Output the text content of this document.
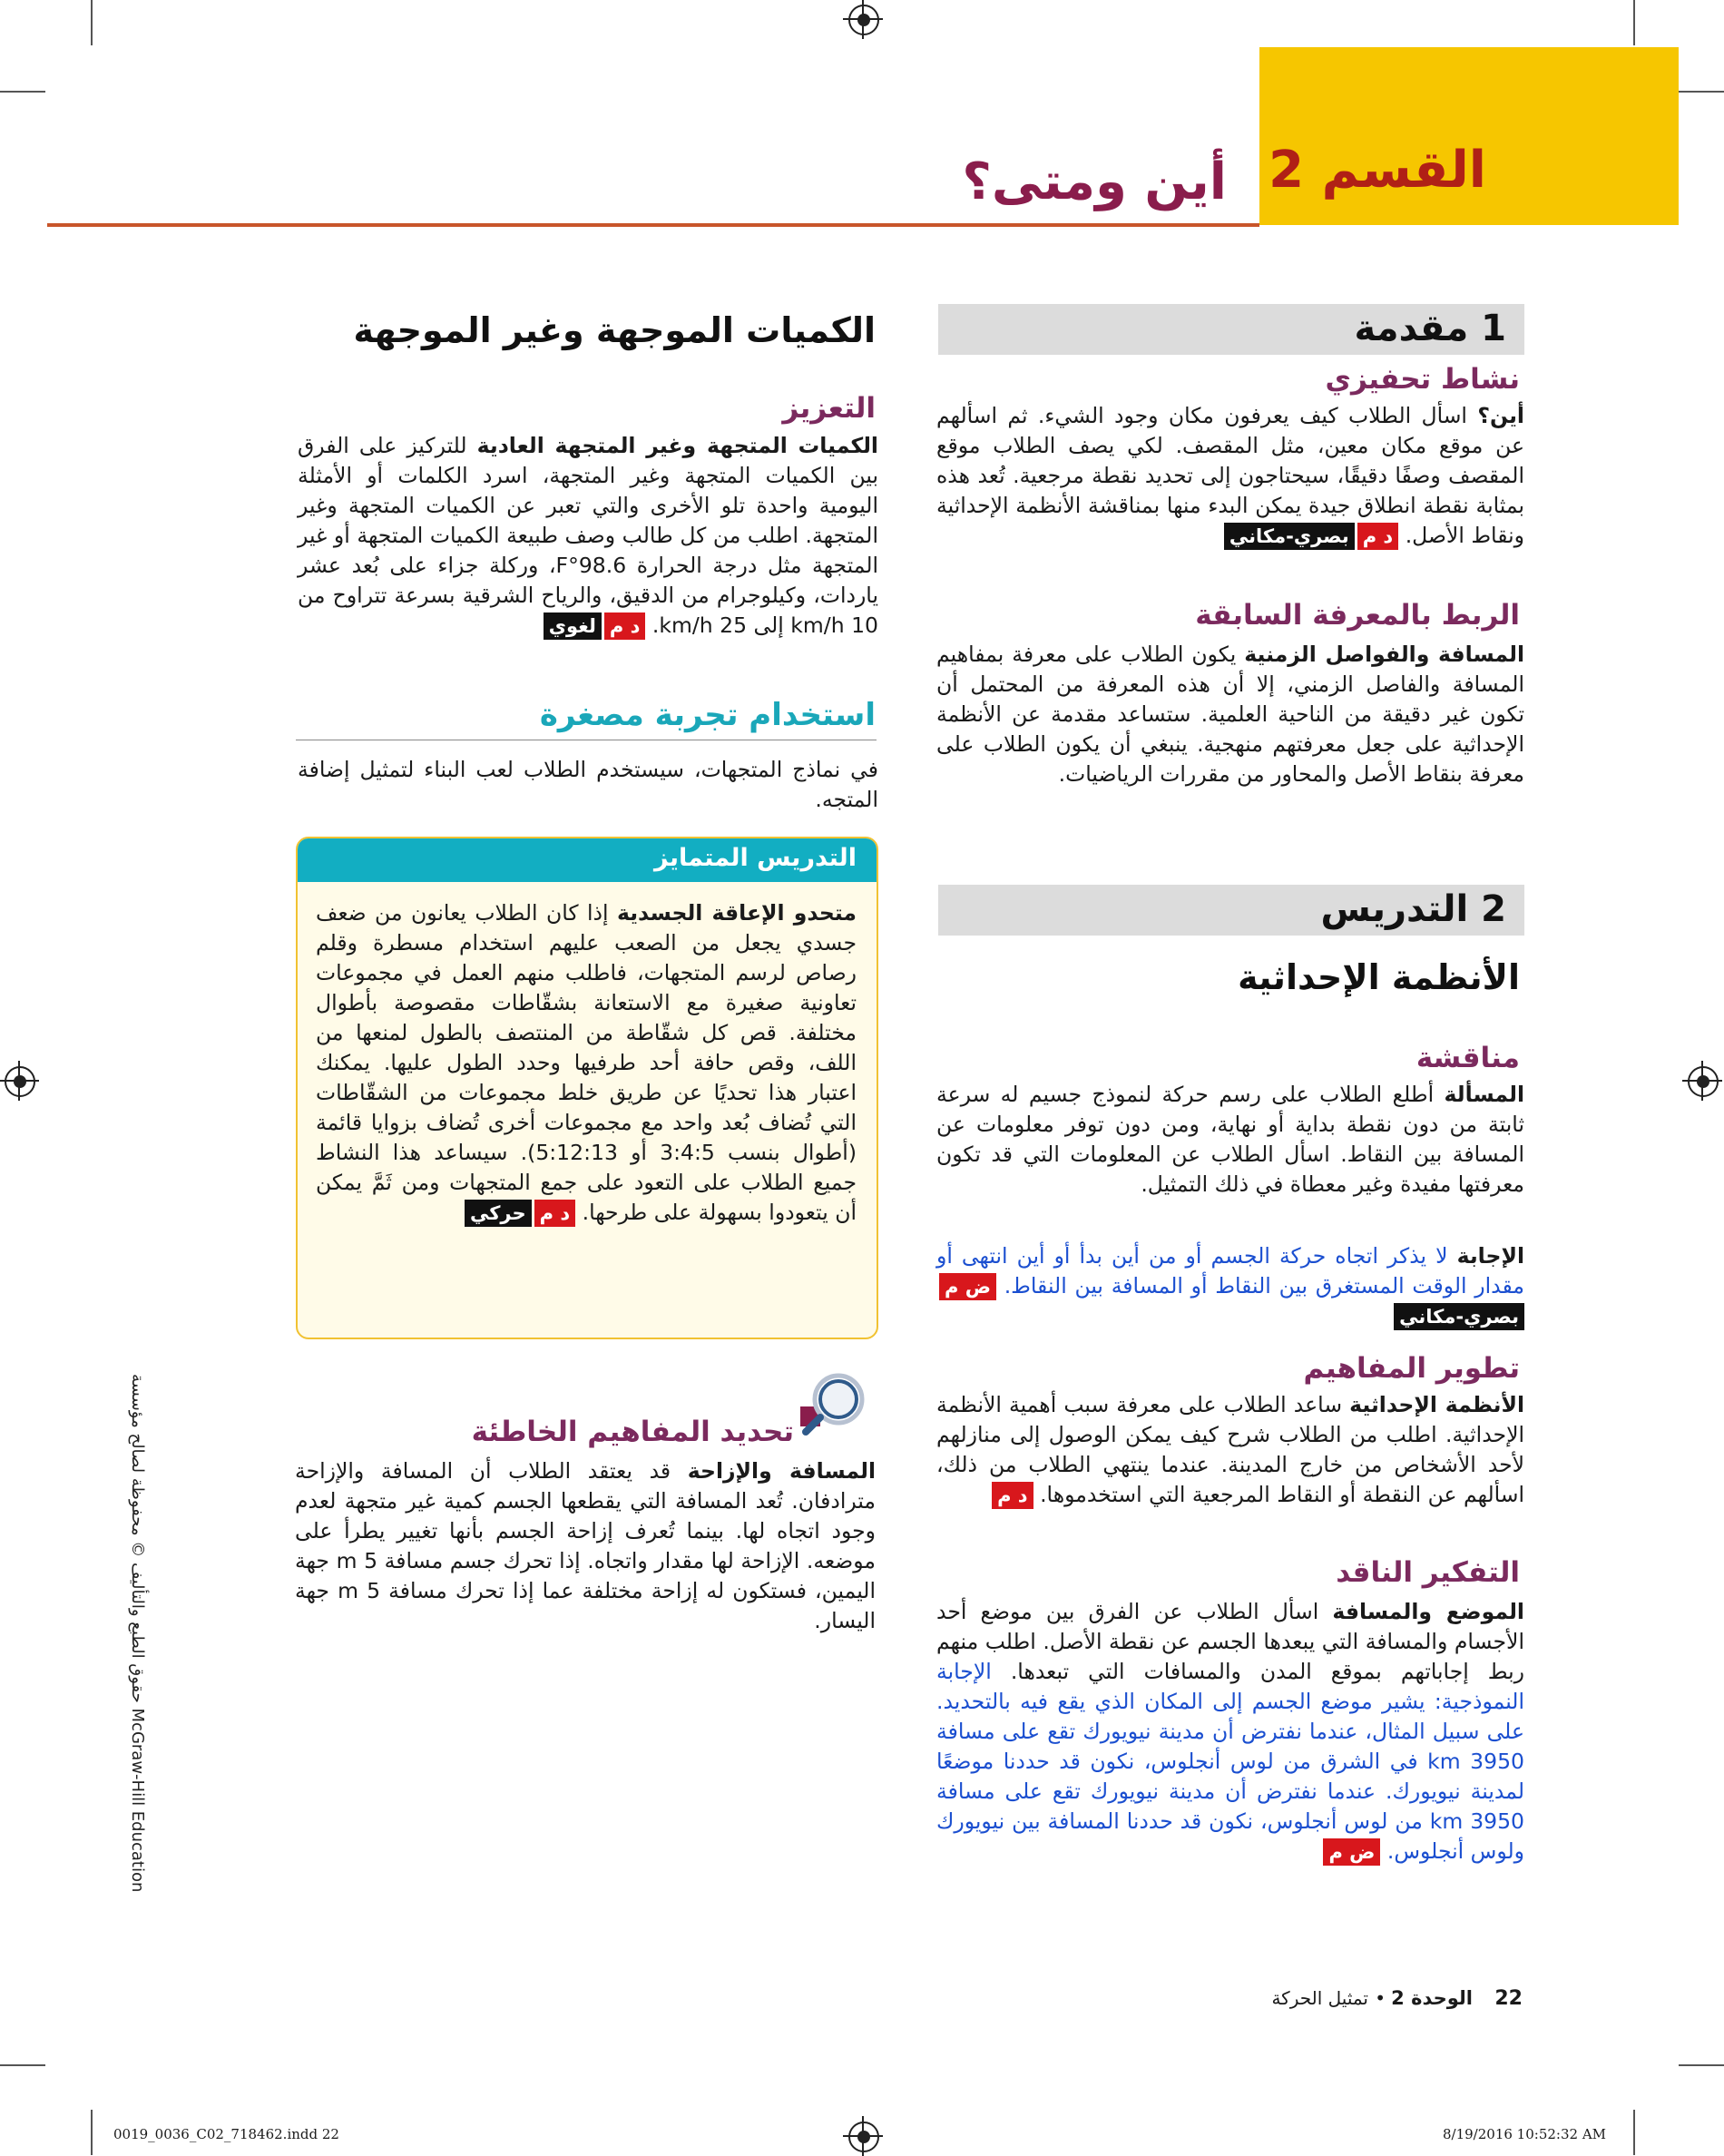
القسم 2
أين ومتى؟
1 مقدمة
نشاط تحفيزي
أين؟ اسأل الطلاب كيف يعرفون مكان وجود الشيء. ثم اسألهم عن موقع مكان معين، مثل المقصف. لكي يصف الطلاب موقع المقصف وصفًا دقيقًا، سيحتاجون إلى تحديد نقطة مرجعية. تُعد هذه بمثابة نقطة انطلاق جيدة يمكن البدء منها بمناقشة الأنظمة الإحداثية ونقاط الأصل. د مبصري-مكاني
الربط بالمعرفة السابقة
المسافة والفواصل الزمنية يكون الطلاب على معرفة بمفاهيم المسافة والفاصل الزمني، إلا أن هذه المعرفة من المحتمل أن تكون غير دقيقة من الناحية العلمية. ستساعد مقدمة عن الأنظمة الإحداثية على جعل معرفتهم منهجية. ينبغي أن يكون الطلاب على معرفة بنقاط الأصل والمحاور من مقررات الرياضيات.
2 التدريس
الأنظمة الإحداثية
مناقشة
المسألة أطلع الطلاب على رسم حركة لنموذج جسيم له سرعة ثابتة من دون نقطة بداية أو نهاية، ومن دون توفر معلومات عن المسافة بين النقاط. اسأل الطلاب عن المعلومات التي قد تكون معرفتها مفيدة وغير معطاة في ذلك التمثيل.
الإجابة لا يذكر اتجاه حركة الجسم أو من أين بدأ أو أين انتهى أو مقدار الوقت المستغرق بين النقاط أو المسافة بين النقاط. ض مبصري-مكاني
تطوير المفاهيم
الأنظمة الإحداثية ساعد الطلاب على معرفة سبب أهمية الأنظمة الإحداثية. اطلب من الطلاب شرح كيف يمكن الوصول إلى منازلهم لأحد الأشخاص من خارج المدينة. عندما ينتهي الطلاب من ذلك، اسألهم عن النقطة أو النقاط المرجعية التي استخدموها. د م
التفكير الناقد
الموضع والمسافة اسأل الطلاب عن الفرق بين موضع أحد الأجسام والمسافة التي يبعدها الجسم عن نقطة الأصل. اطلب منهم ربط إجاباتهم بموقع المدن والمسافات التي تبعدها. الإجابة النموذجية: يشير موضع الجسم إلى المكان الذي يقع فيه بالتحديد. على سبيل المثال، عندما نفترض أن مدينة نيويورك تقع على مسافة 3950 km في الشرق من لوس أنجلوس، نكون قد حددنا موضعًا لمدينة نيويورك. عندما نفترض أن مدينة نيويورك تقع على مسافة 3950 km من لوس أنجلوس، نكون قد حددنا المسافة بين نيويورك ولوس أنجلوس. ض م
الكميات الموجهة وغير الموجهة
التعزيز
الكميات المتجهة وغير المتجهة العادية للتركيز على الفرق بين الكميات المتجهة وغير المتجهة، اسرد الكلمات أو الأمثلة اليومية واحدة تلو الأخرى والتي تعبر عن الكميات المتجهة وغير المتجهة. اطلب من كل طالب وصف طبيعة الكميات المتجهة أو غير المتجهة مثل درجة الحرارة 98.6°F، وركلة جزاء على بُعد عشر ياردات، وكيلوجرام من الدقيق، والرياح الشرقية بسرعة تتراوح من 10 km/h إلى 25 km/h. د ملغوي
استخدام تجربة مصغرة
في نماذج المتجهات، سيستخدم الطلاب لعب البناء لتمثيل إضافة المتجه.
التدريس المتمايز
متحدو الإعاقة الجسدية إذا كان الطلاب يعانون من ضعف جسدي يجعل من الصعب عليهم استخدام مسطرة وقلم رصاص لرسم المتجهات، فاطلب منهم العمل في مجموعات تعاونية صغيرة مع الاستعانة بشقّاطات مقصوصة بأطوال مختلفة. قص كل شقّاطة من المنتصف بالطول لمنعها من اللف، وقص حافة أحد طرفيها وحدد الطول عليها. يمكنك اعتبار هذا تحديًا عن طريق خلط مجموعات من الشقّاطات التي تُضاف بُعد واحد مع مجموعات أخرى تُضاف بزوايا قائمة (أطوال بنسب 3:4:5 أو 5:12:13). سيساعد هذا النشاط جميع الطلاب على التعود على جمع المتجهات ومن ثَمَّ يمكن أن يتعودوا بسهولة على طرحها. د محركي
تحديد المفاهيم الخاطئة
المسافة والإزاحة قد يعتقد الطلاب أن المسافة والإزاحة مترادفان. تُعد المسافة التي يقطعها الجسم كمية غير متجهة لعدم وجود اتجاه لها. بينما تُعرف إزاحة الجسم بأنها تغيير يطرأ على موضعه. الإزاحة لها مقدار واتجاه. إذا تحرك جسم مسافة 5 m جهة اليمين، فستكون له إزاحة مختلفة عما إذا تحرك مسافة 5 m جهة اليسار.
حقوق الطبع والتأليف © محفوظة لصالح مؤسسة McGraw-Hill Education
22
الوحدة 2
•
تمثيل الحركة
0019_0036_C02_718462.indd 22	8/19/2016 10:52:32 AM
